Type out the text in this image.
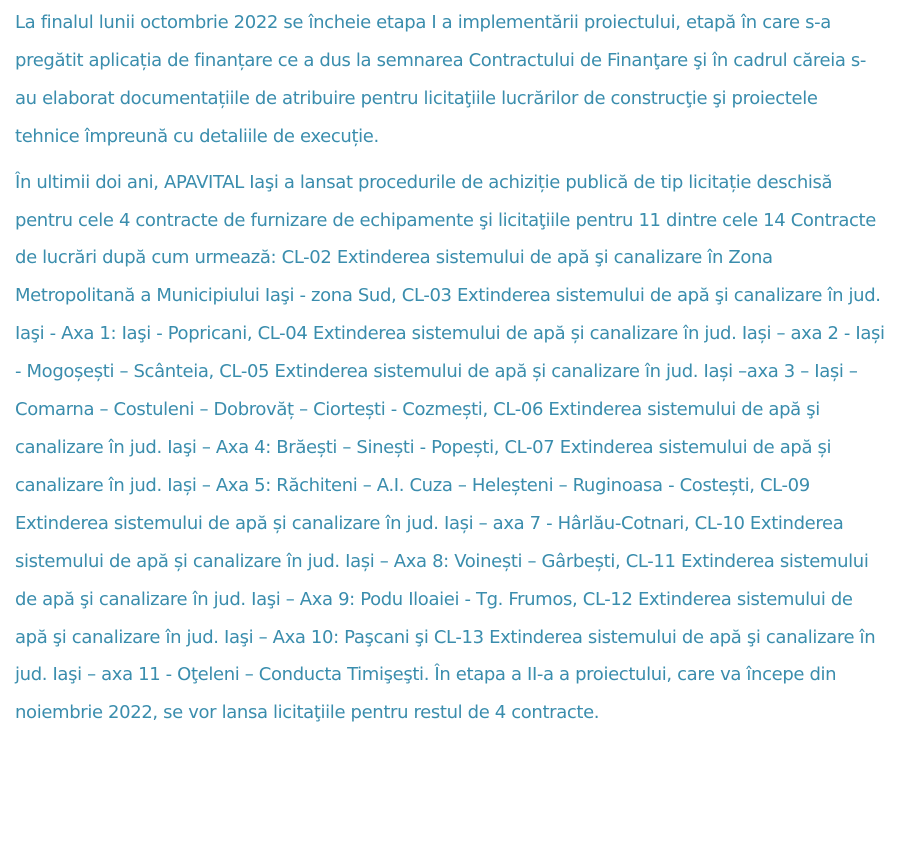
La finalul lunii octombrie 2022 se încheie etapa I a implementării proiectului, etapă în care s-a pregătit aplicația de finanțare ce a dus la semnarea Contractului de Finanţare şi în cadrul căreia s-au elaborat documentațiile de atribuire pentru licitaţiile lucrărilor de construcţie şi proiectele tehnice împreună cu detaliile de execuție.

În ultimii doi ani, APAVITAL Iaşi a lansat procedurile de achiziție publică de tip licitație deschisă pentru cele 4 contracte de furnizare de echipamente şi licitaţiile pentru 11 dintre cele 14 Contracte de lucrări după cum urmează: CL-02 Extinderea sistemului de apă şi canalizare în Zona Metropolitană a Municipiului Iaşi - zona Sud, CL-03 Extinderea sistemului de apă şi canalizare în jud. Iaşi - Axa 1: Iaşi - Popricani, CL-04 Extinderea sistemului de apă și canalizare în jud. Iași – axa 2 - Iași - Mogoșești – Scânteia, CL-05 Extinderea sistemului de apă și canalizare în jud. Iași –axa 3 – Iași – Comarna – Costuleni – Dobrovăț – Ciortești - Cozmești, CL-06 Extinderea sistemului de apă şi canalizare în jud. Iaşi – Axa 4: Brăești – Sinești - Popești, CL-07 Extinderea sistemului de apă și canalizare în jud. Iași – Axa 5: Răchiteni – A.I. Cuza – Heleșteni – Ruginoasa - Costești, CL-09 Extinderea sistemului de apă și canalizare în jud. Iași – axa 7 - Hârlău-Cotnari, CL-10 Extinderea sistemului de apă și canalizare în jud. Iași – Axa 8: Voinești – Gârbești, CL-11 Extinderea sistemului de apă şi canalizare în jud. Iaşi – Axa 9: Podu Iloaiei - Tg. Frumos, CL-12 Extinderea sistemului de apă şi canalizare în jud. Iaşi – Axa 10: Paşcani şi CL-13 Extinderea sistemului de apă şi canalizare în jud. Iaşi – axa 11 - Oţeleni – Conducta Timişeşti. În etapa a II-a a proiectului, care va începe din noiembrie 2022, se vor lansa licitaţiile pentru restul de 4 contracte.
